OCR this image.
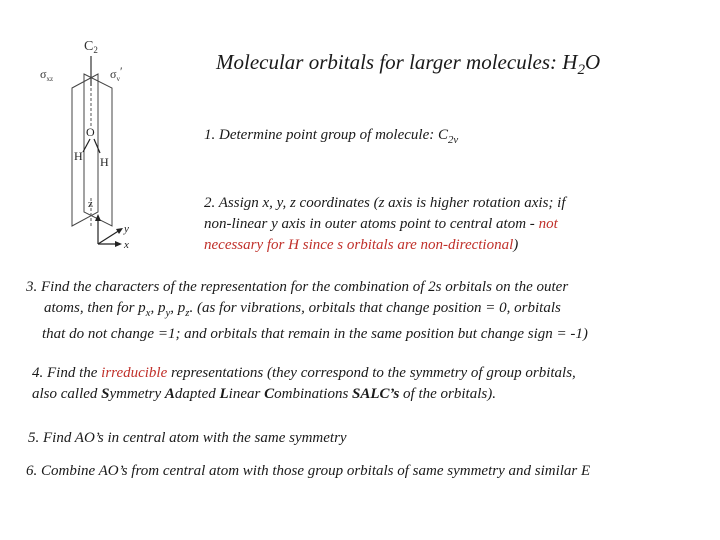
Molecular orbitals for larger molecules: $H_2O$
$C_2$
$\sigma_{xz}$	$\sigma_v'$
O
H H
z
y
x
1. Determine point group of molecule: $C_{2v}$
2. Assign x, y, z coordinates (z axis is higher rotation axis; if
non-linear y axis in outer atoms point to central atom - not
necessary for H since s orbitals are non-directional)
3. Find the characters of the representation for the combination of 2s orbitals on the outer
atoms, then for $p_x$, $p_y$, $p_z$. (as for vibrations, orbitals that change position = 0, orbitals
that do not change =1; and orbitals that remain in the same position but change sign = -1)
4. Find the irreducible representations (they correspond to the symmetry of group orbitals,
also called Symmetry Adapted Linear Combinations SALC’s of the orbitals).
5. Find AO’s in central atom with the same symmetry
6. Combine AO’s from central atom with those group orbitals of same symmetry and similar E
